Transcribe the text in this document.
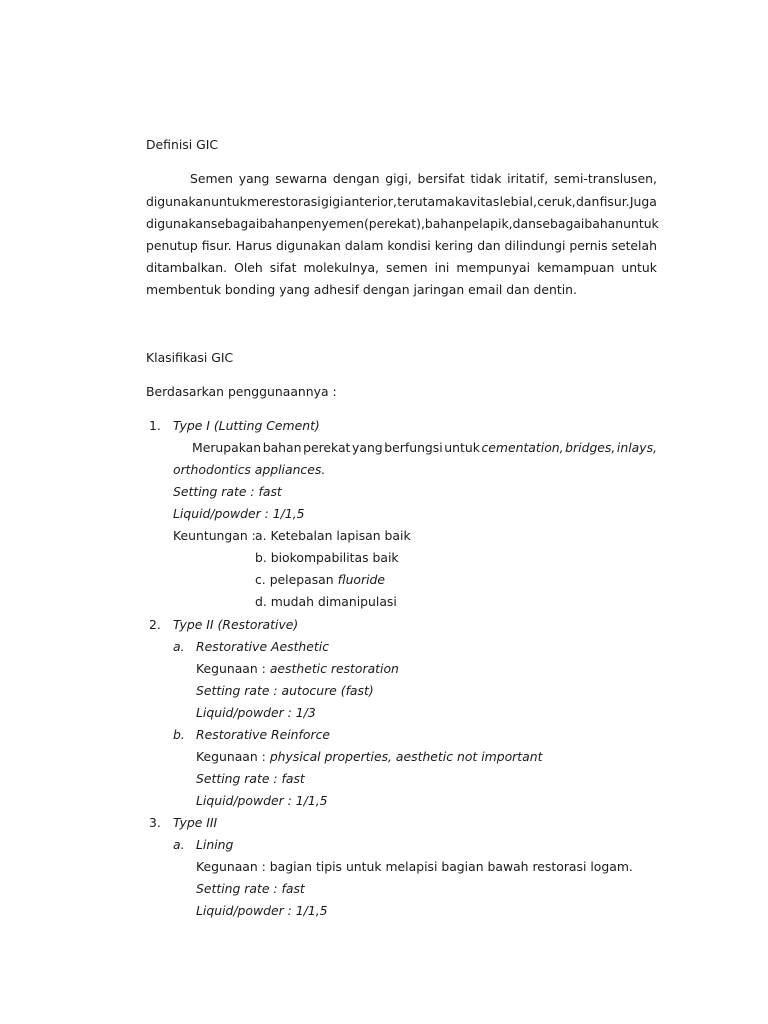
Definisi GIC
Semen yang sewarna dengan gigi, bersifat tidak iritatif, semi-translusen,
digunakan untuk merestorasi gigi anterior, terutama kavitas lebial, ceruk, dan fisur. Juga
digunakan sebagai bahan penyemen (perekat), bahan pelapik, dan sebagai bahan untuk
penutup fisur. Harus digunakan dalam kondisi kering dan dilindungi pernis setelah
ditambalkan. Oleh sifat molekulnya, semen ini mempunyai kemampuan untuk
membentuk bonding yang adhesif dengan jaringan email dan dentin.
Klasifikasi GIC
Berdasarkan penggunaannya :
1. Type I (Lutting Cement)
Merupakan bahan perekat yang berfungsi untuk cementation, bridges, inlays,
orthodontics appliances.
Setting rate : fast
Liquid/powder : 1/1,5
Keuntungan : a. Ketebalan lapisan baik
b. biokompabilitas baik
c. pelepasan fluoride
d. mudah dimanipulasi
2. Type II (Restorative)
a. Restorative Aesthetic
Kegunaan : aesthetic restoration
Setting rate : autocure (fast)
Liquid/powder : 1/3
b. Restorative Reinforce
Kegunaan : physical properties, aesthetic not important
Setting rate : fast
Liquid/powder : 1/1,5
3. Type III
a. Lining
Kegunaan : bagian tipis untuk melapisi bagian bawah restorasi logam.
Setting rate : fast
Liquid/powder : 1/1,5
